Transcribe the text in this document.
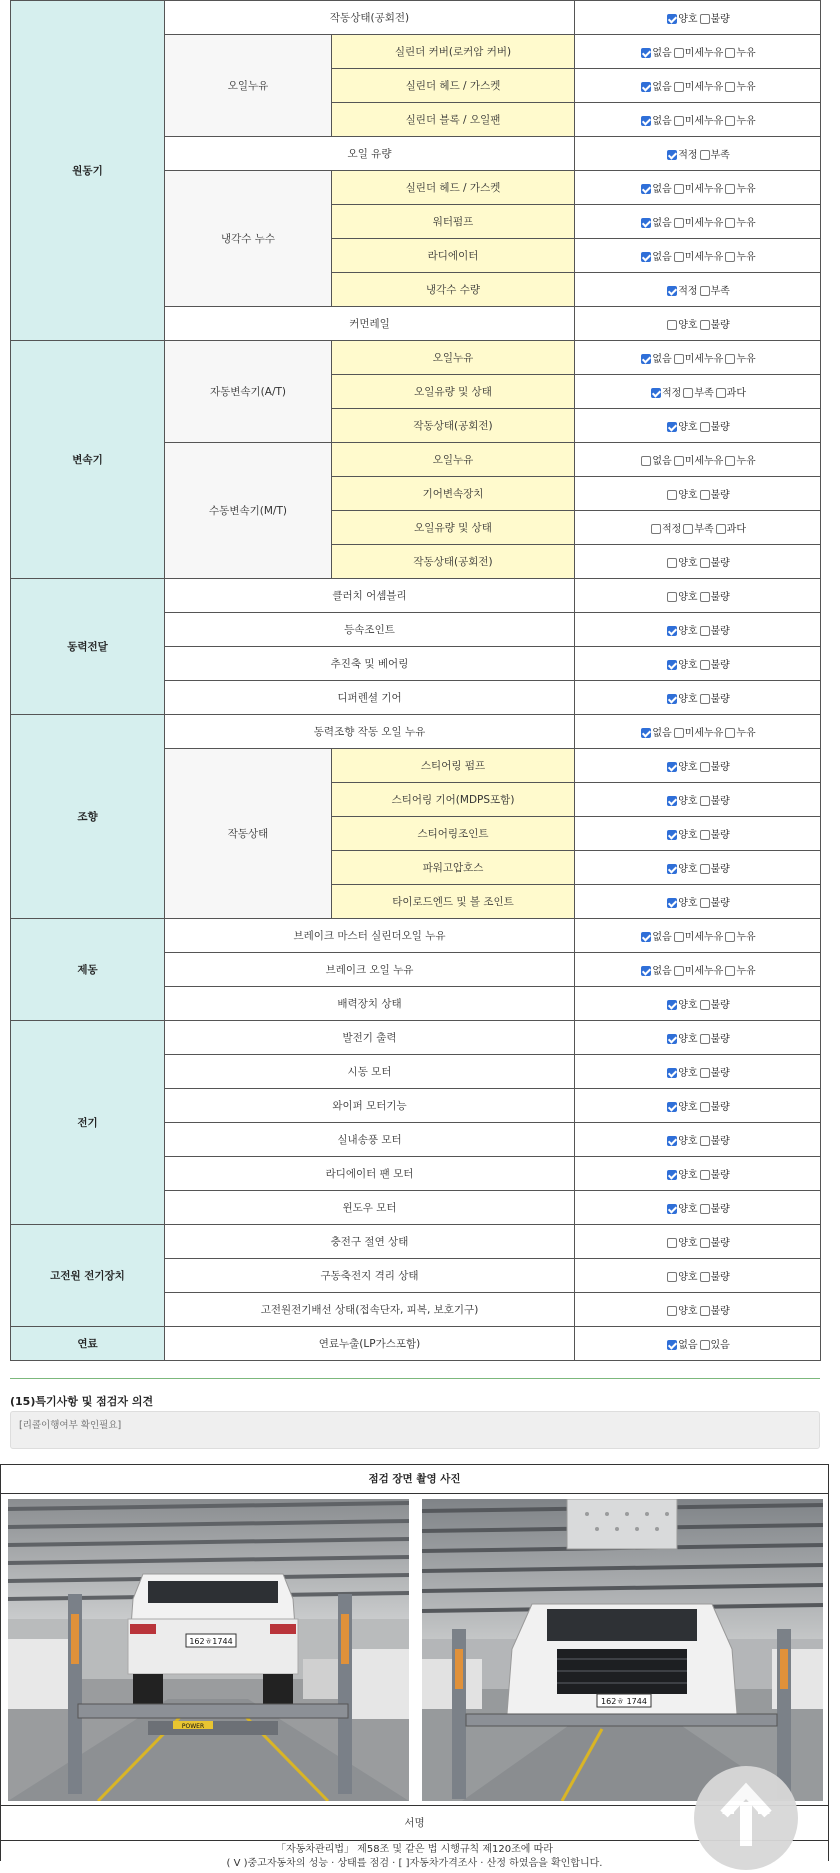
원동기	작동상태(공회전)		양호 불량
	오일누유	실린더 커버(로커암 커버)	없음 미세누유 누유
		실린더 헤드 / 가스켓	없음 미세누유 누유
		실린더 블록 / 오일팬	없음 미세누유 누유
	오일 유량		적정 부족
	냉각수 누수	실린더 헤드 / 가스켓	없음 미세누유 누유
		워터펌프	없음 미세누유 누유
		라디에이터	없음 미세누유 누유
		냉각수 수량	적정 부족
	커먼레일		양호 불량
변속기	자동변속기(A/T)	오일누유	없음 미세누유 누유
		오일유량 및 상태	적정 부족 과다
		작동상태(공회전)	양호 불량
	수동변속기(M/T)	오일누유	없음 미세누유 누유
		기어변속장치	양호 불량
		오일유량 및 상태	적정 부족 과다
		작동상태(공회전)	양호 불량
동력전달	클러치 어셈블리		양호 불량
	등속조인트		양호 불량
	추진축 및 베어링		양호 불량
	디퍼렌셜 기어		양호 불량
조향	동력조향 작동 오일 누유		없음 미세누유 누유
	작동상태	스티어링 펌프	양호 불량
		스티어링 기어(MDPS포함)	양호 불량
		스티어링조인트	양호 불량
		파워고압호스	양호 불량
		타이로드엔드 및 볼 조인트	양호 불량
제동	브레이크 마스터 실린더오일 누유		없음 미세누유 누유
	브레이크 오일 누유		없음 미세누유 누유
	배력장치 상태		양호 불량
전기	발전기 출력		양호 불량
	시동 모터		양호 불량
	와이퍼 모터기능		양호 불량
	실내송풍 모터		양호 불량
	라디에이터 팬 모터		양호 불량
	윈도우 모터		양호 불량
고전원 전기장치	충전구 절연 상태		양호 불량
	구동축전지 격리 상태		양호 불량
	고전원전기배선 상태(접속단자, 피복, 보호기구)		양호 불량
연료	연료누출(LP가스포함)		없음 있음
(15)특기사항 및 점검자 의견
[리콜이행여부 확인필요]
점검 장면 촬영 사진
162ㅎ1744
POWER
162ㅎ 1744
서명
「자동차관리법」 제58조 및 같은 법 시행규칙 제120조에 따라
( V )중고자동차의 성능 · 상태를 점검 · [ ]자동차가격조사 · 산정 하였음을 확인합니다.
